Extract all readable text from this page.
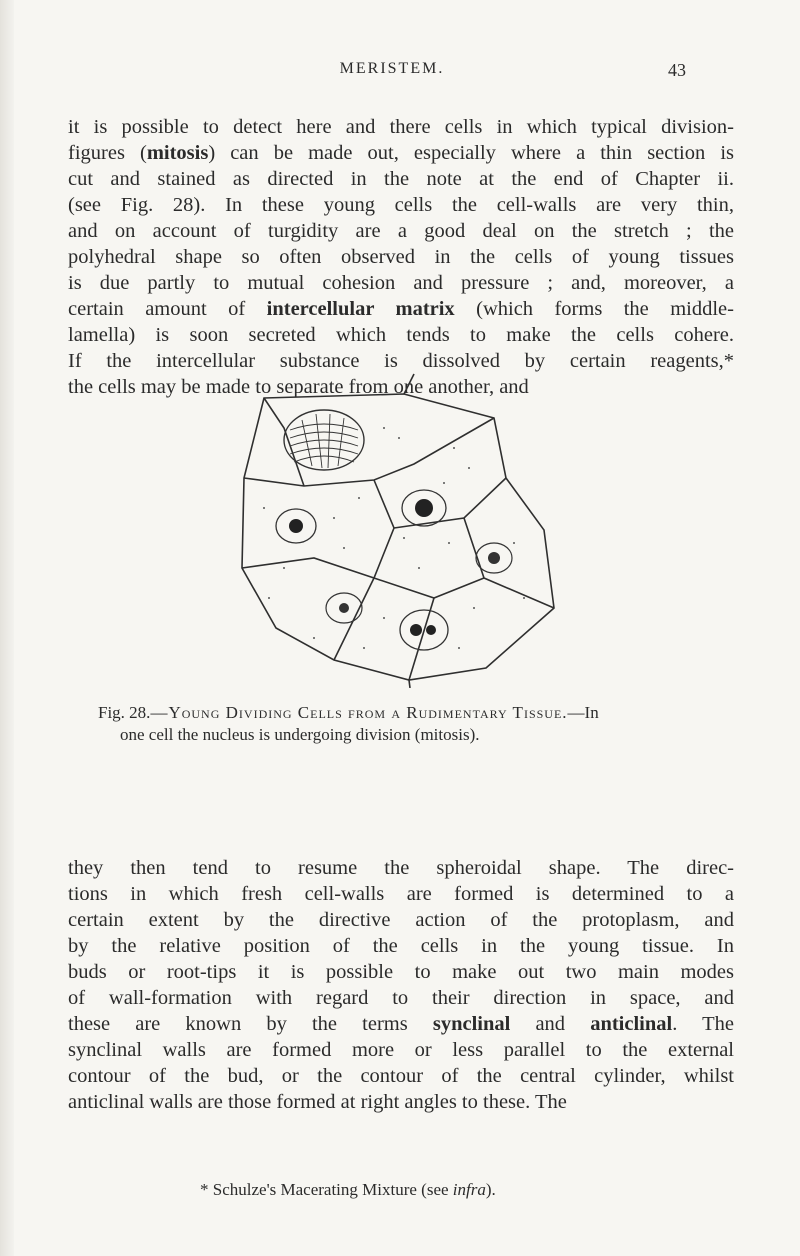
MERISTEM.	43
it is possible to detect here and there cells in which typical division-
figures (mitosis) can be made out, especially where a thin section is
cut and stained as directed in the note at the end of Chapter ii.
(see Fig. 28). In these young cells the cell-walls are very thin,
and on account of turgidity are a good deal on the stretch ; the
polyhedral shape so often observed in the cells of young tissues
is due partly to mutual cohesion and pressure ; and, moreover, a
certain amount of intercellular matrix (which forms the middle-
lamella) is soon secreted which tends to make the cells cohere.
If the intercellular substance is dissolved by certain reagents,*
the cells may be made to separate from one another, and
Fig. 28.—Young Dividing Cells from a Rudimentary Tissue.—In
one cell the nucleus is undergoing division (mitosis).
they then tend to resume the spheroidal shape. The direc-
tions in which fresh cell-walls are formed is determined to a
certain extent by the directive action of the protoplasm, and
by the relative position of the cells in the young tissue. In
buds or root-tips it is possible to make out two main modes
of wall-formation with regard to their direction in space, and
these are known by the terms synclinal and anticlinal. The
synclinal walls are formed more or less parallel to the external
contour of the bud, or the contour of the central cylinder, whilst
anticlinal walls are those formed at right angles to these. The
* Schulze's Macerating Mixture (see infra).
